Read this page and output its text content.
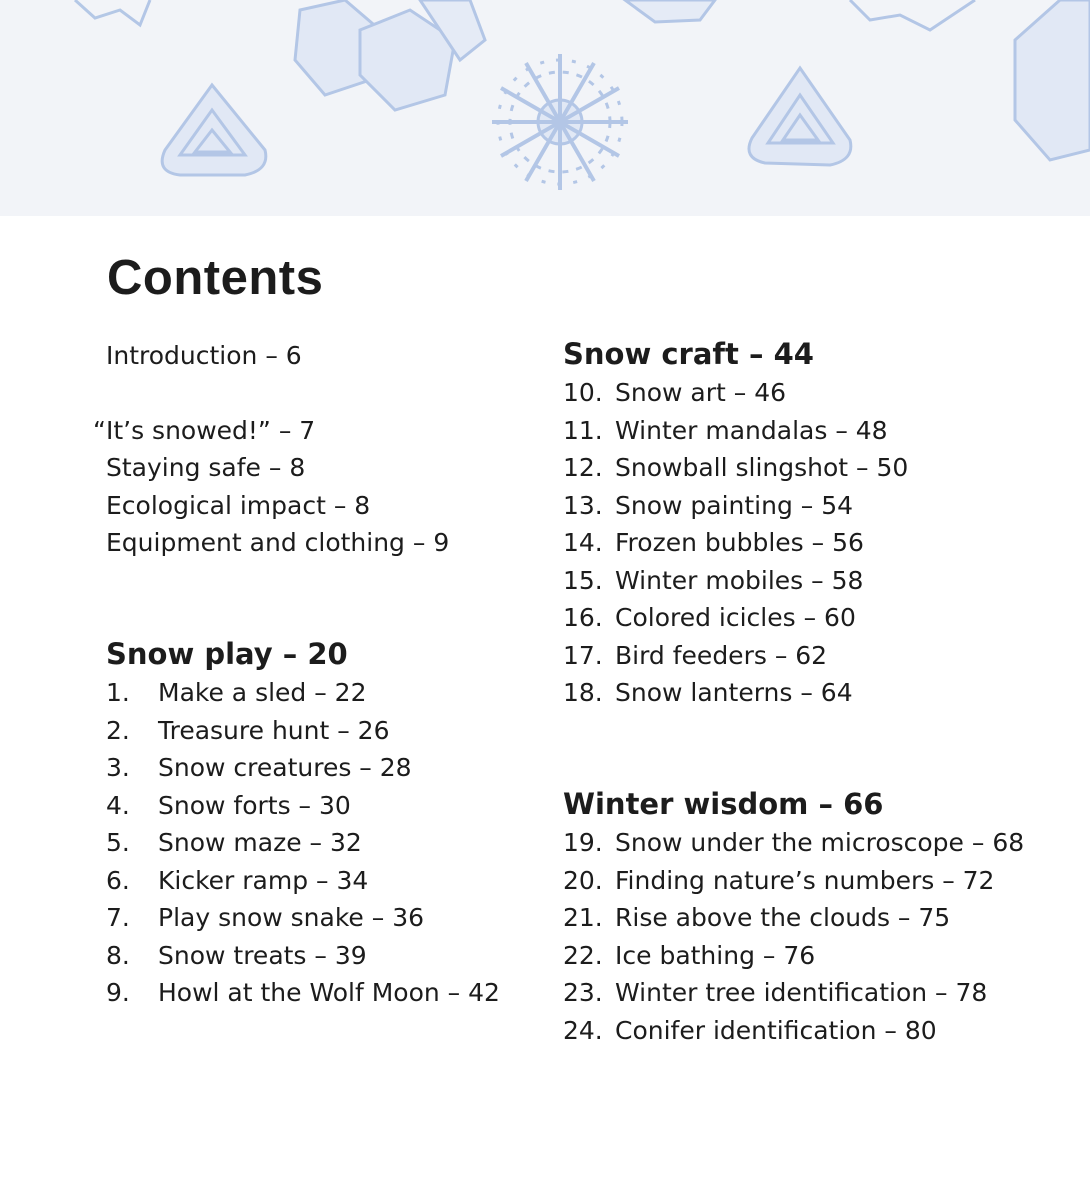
Contents
Introduction – 6
“It’s snowed!” – 7
Staying safe – 8
Ecological impact – 8
Equipment and clothing – 9
Snow play – 20
1. Make a sled – 22
2. Treasure hunt – 26
3. Snow creatures – 28
4. Snow forts – 30
5. Snow maze – 32
6. Kicker ramp – 34
7. Play snow snake – 36
8. Snow treats – 39
9. Howl at the Wolf Moon – 42
Snow craft – 44
10. Snow art – 46
11. Winter mandalas – 48
12. Snowball slingshot – 50
13. Snow painting – 54
14. Frozen bubbles – 56
15. Winter mobiles – 58
16. Colored icicles – 60
17. Bird feeders – 62
18. Snow lanterns – 64
Winter wisdom – 66
19. Snow under the microscope – 68
20. Finding nature’s numbers – 72
21. Rise above the clouds – 75
22. Ice bathing – 76
23. Winter tree identification – 78
24. Conifer identification – 80
